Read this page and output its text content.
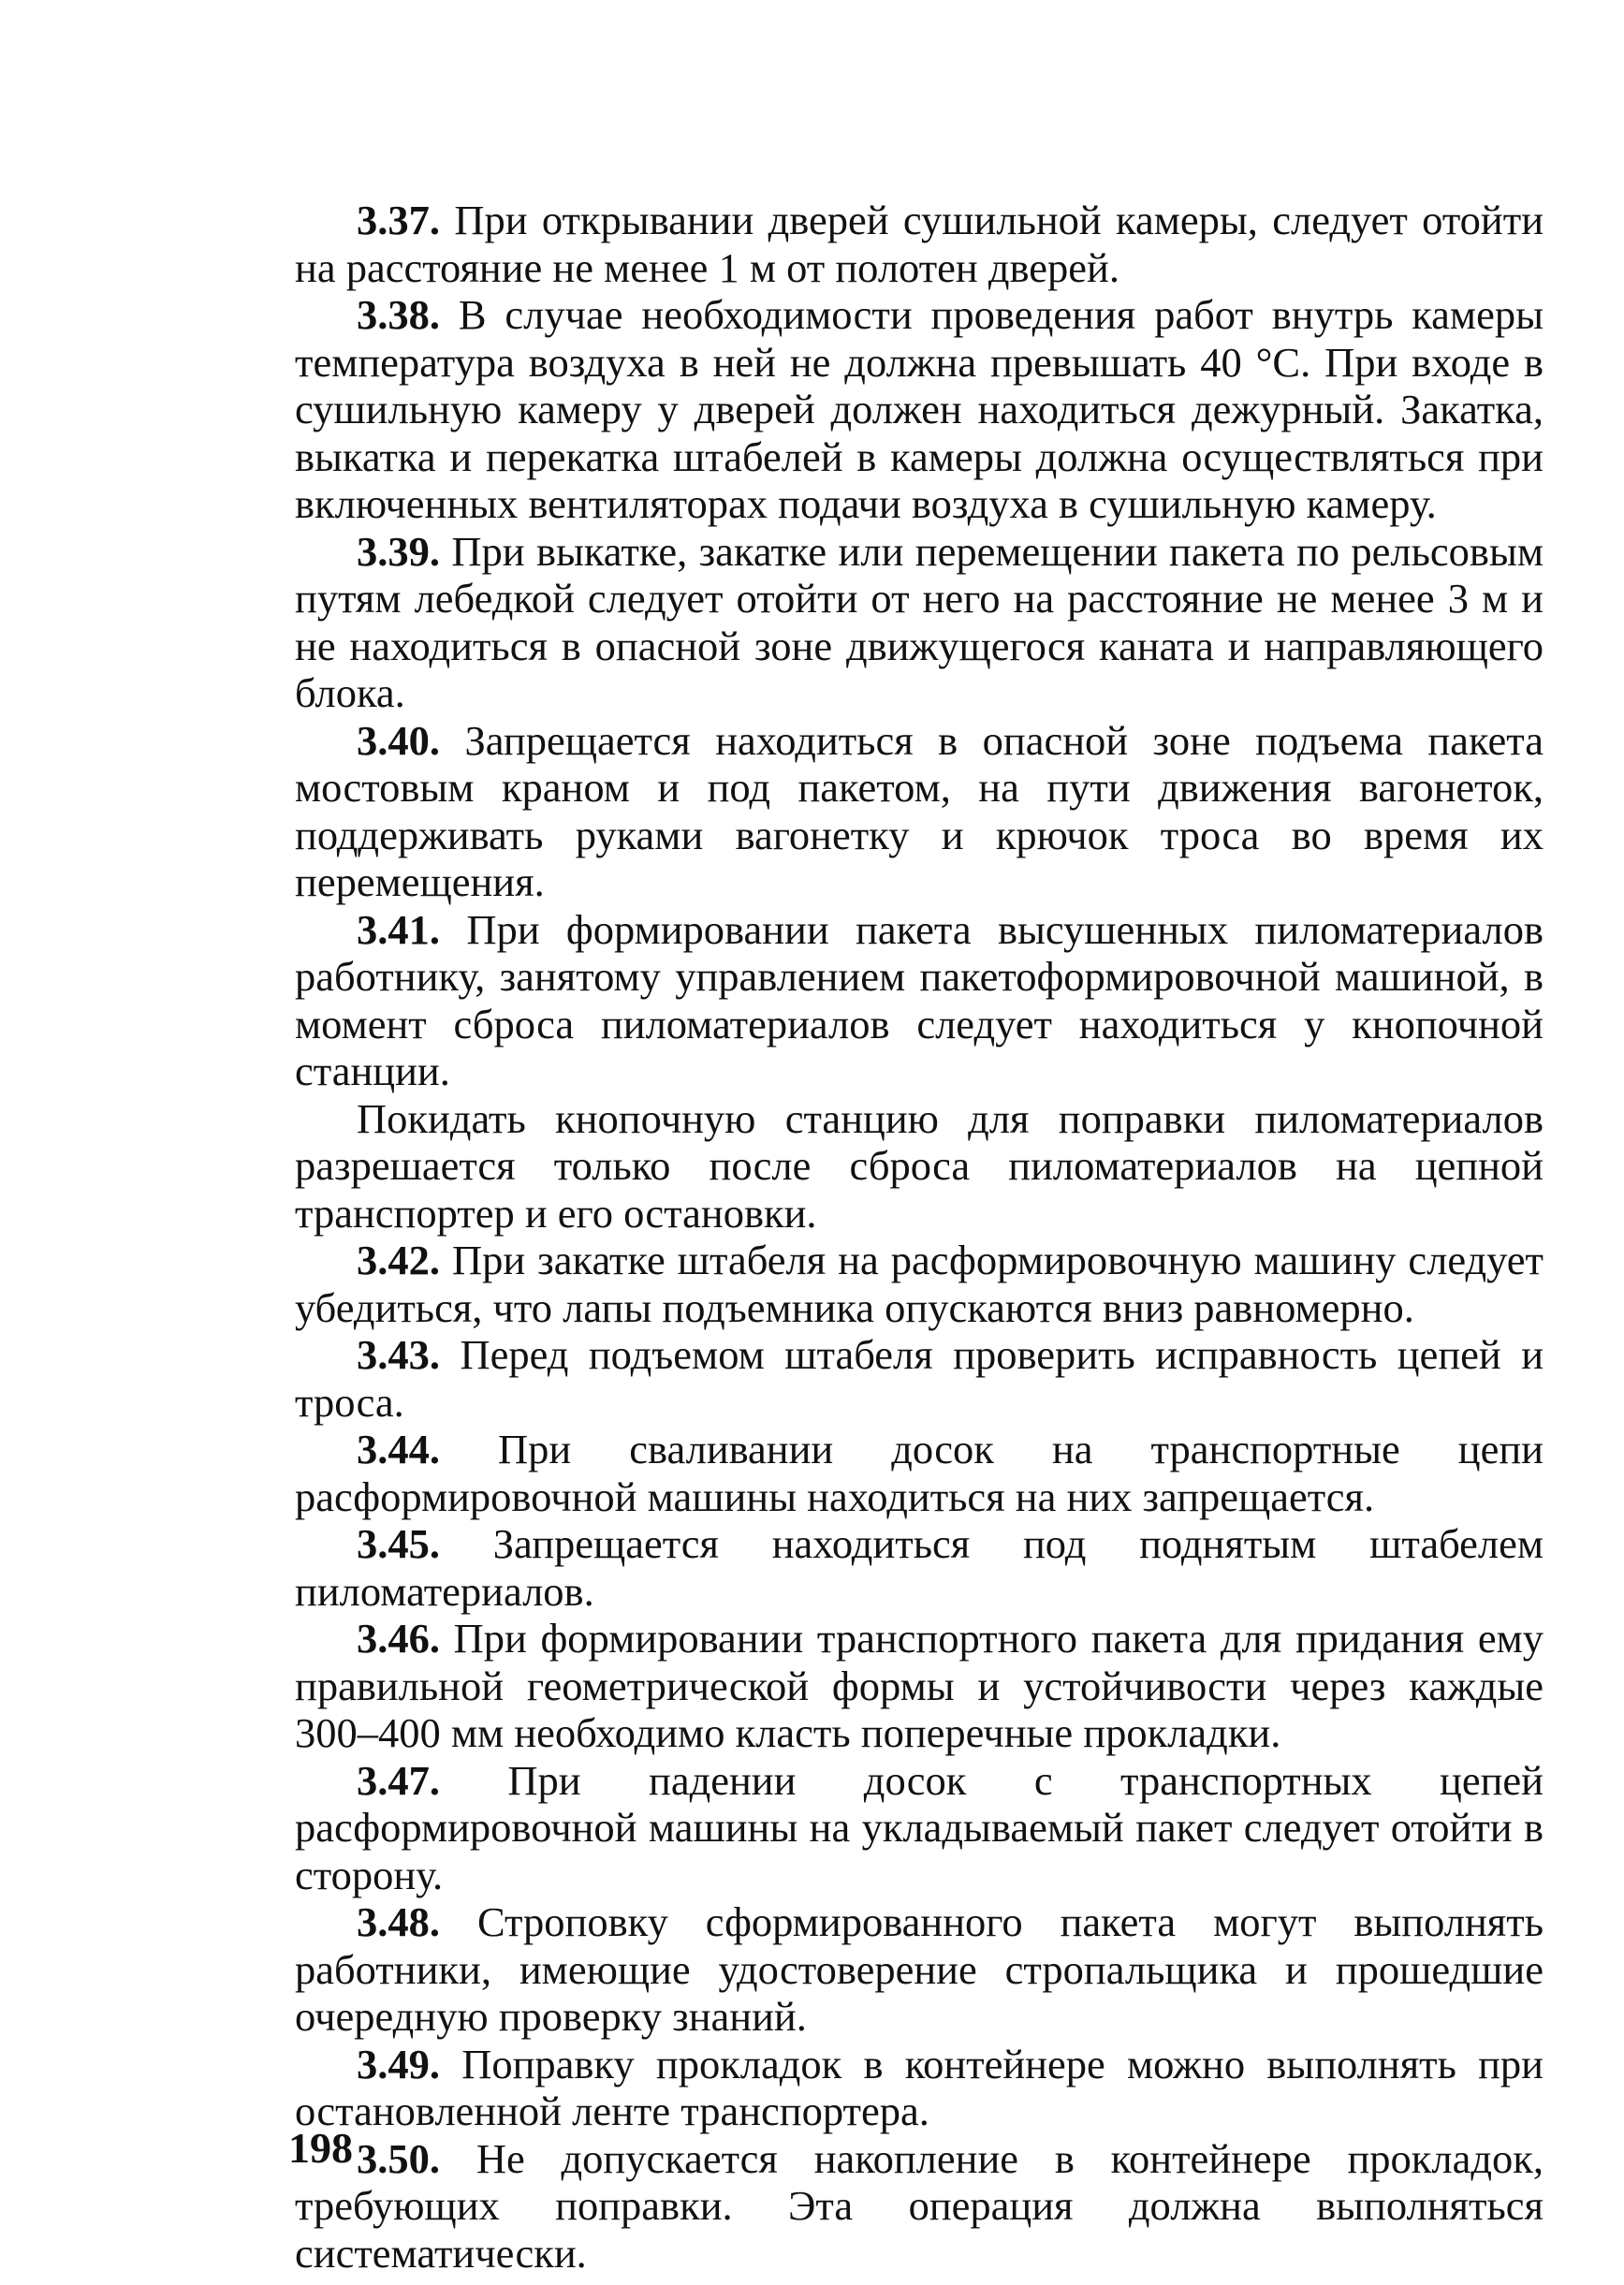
3.37. При открывании дверей сушильной камеры, следует отойти на расстояние не менее 1 м от полотен дверей.

3.38. В случае необходимости проведения работ внутрь камеры температура воздуха в ней не должна превышать 40 °С. При входе в сушильную камеру у дверей должен находиться дежурный. Закатка, выкатка и перекатка штабелей в камеры должна осуществляться при включенных вентиляторах подачи воздуха в сушильную камеру.

3.39. При выкатке, закатке или перемещении пакета по рельсовым путям лебедкой следует отойти от него на расстояние не менее 3 м и не находиться в опасной зоне движущегося каната и направляющего блока.

3.40. Запрещается находиться в опасной зоне подъема пакета мостовым краном и под пакетом, на пути движения вагонеток, поддерживать руками вагонетку и крючок троса во время их перемещения.

3.41. При формировании пакета высушенных пиломатериалов работнику, занятому управлением пакетоформировочной машиной, в момент сброса пиломатериалов следует находиться у кнопочной станции.

Покидать кнопочную станцию для поправки пиломатериалов разрешается только после сброса пиломатериалов на цепной транспортер и его остановки.

3.42. При закатке штабеля на расформировочную машину следует убедиться, что лапы подъемника опускаются вниз равномерно.

3.43. Перед подъемом штабеля проверить исправность цепей и троса.

3.44. При сваливании досок на транспортные цепи расформировочной машины находиться на них запрещается.

3.45. Запрещается находиться под поднятым штабелем пиломатериалов.

3.46. При формировании транспортного пакета для придания ему правильной геометрической формы и устойчивости через каждые 300–400 мм необходимо класть поперечные прокладки.

3.47. При падении досок с транспортных цепей расформировочной машины на укладываемый пакет следует отойти в сторону.

3.48. Строповку сформированного пакета могут выполнять работники, имеющие удостоверение стропальщика и прошедшие очередную проверку знаний.

3.49. Поправку прокладок в контейнере можно выполнять при остановленной ленте транспортера.

3.50. Не допускается накопление в контейнере прокладок, требующих поправки. Эта операция должна выполняться систематически.

198
